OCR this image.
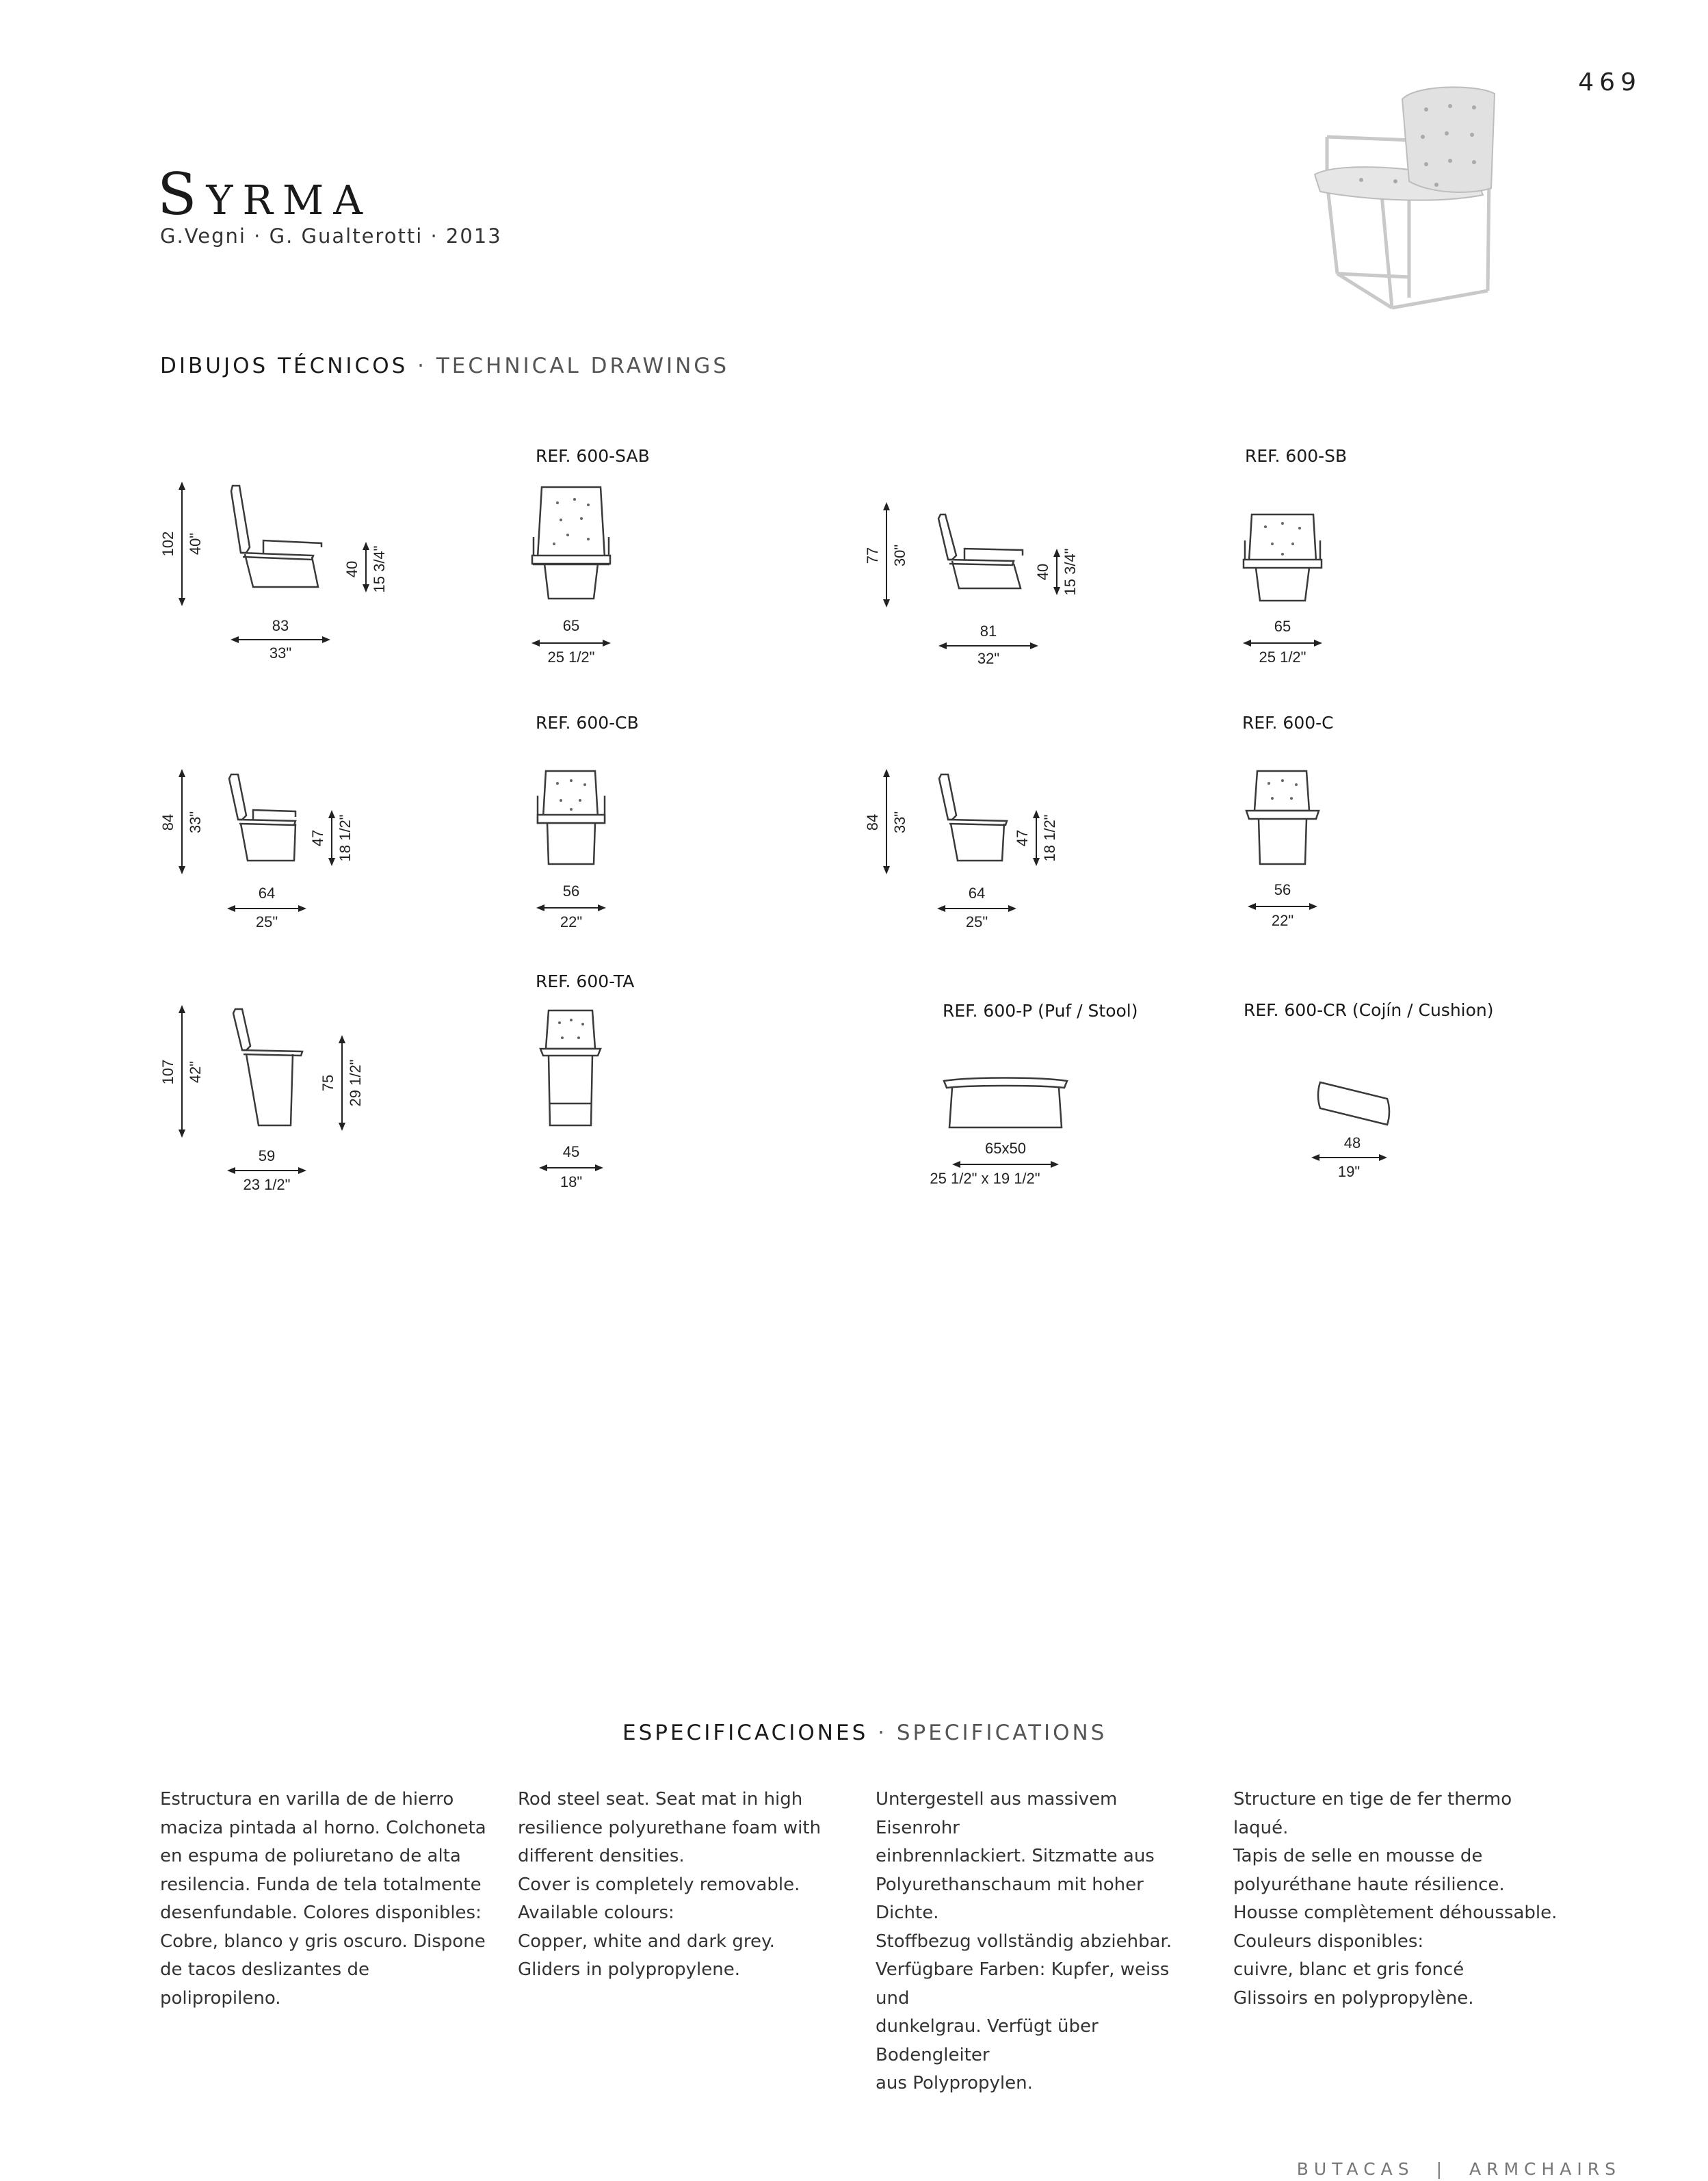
469
Syrma
G.Vegni · G. Gualterotti · 2013
DIBUJOS TÉCNICOS · TECHNICAL DRAWINGS
102 40"
40 15 3/4"
83
33"
REF. 600-SAB
65
25 1/2"
77 30"
40 15 3/4"
81
32"
REF. 600-SB
65
25 1/2"
84 33"
47 18 1/2"
64
25"
REF. 600-CB
56
22"
84 33"
47 18 1/2"
64
25"
REF. 600-C
56
22"
107 42"	75 29 1/2"
59
23 1/2"
REF. 600-TA
45
18"
REF. 600-P (Puf / Stool)
65x50
25 1/2" x 19 1/2"
REF. 600-CR (Cojín / Cushion)
48
19"
ESPECIFICACIONES · SPECIFICATIONS
Estructura en varilla de de hierro
maciza pintada al horno. Colchoneta
en espuma de poliuretano de alta
resilencia. Funda de tela totalmente
desenfundable. Colores disponibles:
Cobre, blanco y gris oscuro. Dispone
de tacos deslizantes de polipropileno.
Rod steel seat. Seat mat in high
resilience polyurethane foam with
different densities.
Cover is completely removable.
Available colours:
Copper, white and dark grey.
Gliders in polypropylene.
Untergestell aus massivem Eisenrohr
einbrennlackiert. Sitzmatte aus
Polyurethanschaum mit hoher Dichte.
Stoffbezug vollständig abziehbar.
Verfügbare Farben: Kupfer, weiss und
dunkelgrau. Verfügt über Bodengleiter
aus Polypropylen.
Structure en tige de fer thermo laqué.
Tapis de selle en mousse de
polyuréthane haute résilience.
Housse complètement déhoussable.
Couleurs disponibles:
cuivre, blanc et gris foncé
Glissoirs en polypropylène.
BUTACAS | ARMCHAIRS
